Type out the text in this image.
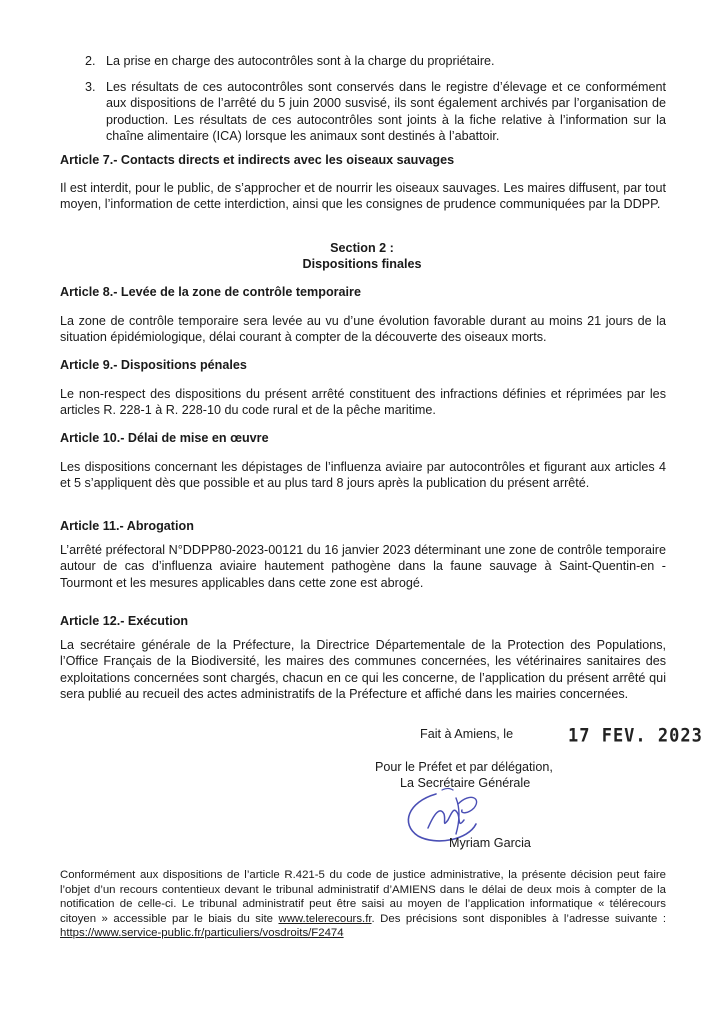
2. La prise en charge des autocontrôles sont à la charge du propriétaire.
3. Les résultats de ces autocontrôles sont conservés dans le registre d’élevage et ce conformément aux dispositions de l’arrêté du 5 juin 2000 susvisé, ils sont également archivés par l’organisation de production. Les résultats de ces autocontrôles sont joints à la fiche relative à l’information sur la chaîne alimentaire (ICA) lorsque les animaux sont destinés à l’abattoir.
Article 7.- Contacts directs et indirects avec les oiseaux sauvages
Il est interdit, pour le public, de s’approcher et de nourrir les oiseaux sauvages. Les maires diffusent, par tout moyen, l’information de cette interdiction, ainsi que les consignes de prudence communiquées par la DDPP.
Section 2 :
Dispositions finales
Article 8.- Levée de la zone de contrôle temporaire
La zone de contrôle temporaire sera levée au vu d’une évolution favorable durant au moins 21 jours de la situation épidémiologique, délai courant à compter de la découverte des oiseaux morts.
Article 9.- Dispositions pénales
Le non-respect des dispositions du présent arrêté constituent des infractions définies et réprimées par les articles R. 228-1 à R. 228-10 du code rural et de la pêche maritime.
Article 10.- Délai de mise en œuvre
Les dispositions concernant les dépistages de l’influenza aviaire par autocontrôles et figurant aux articles 4 et 5 s’appliquent dès que possible et au plus tard 8 jours après la publication du présent arrêté.
Article 11.- Abrogation
L’arrêté préfectoral N°DDPP80-2023-00121 du 16 janvier 2023 déterminant une zone de contrôle temporaire autour de cas d’influenza aviaire hautement pathogène dans la faune sauvage à Saint-Quentin-en -Tourmont et les mesures applicables dans cette zone est abrogé.
Article 12.- Exécution
La secrétaire générale de la Préfecture, la Directrice Départementale de la Protection des Populations, l’Office Français de la Biodiversité, les maires des communes concernées, les vétérinaires sanitaires des exploitations concernées sont chargés, chacun en ce qui les concerne, de l’application du présent arrêté qui sera publié au recueil des actes administratifs de la Préfecture et affiché dans les mairies concernées.
Fait à Amiens, le	17 FEV. 2023
Pour le Préfet et par délégation,
La Secrétaire Générale
Myriam Garcia
Conformément aux dispositions de l’article R.421-5 du code de justice administrative, la présente décision peut faire l’objet d’un recours contentieux devant le tribunal administratif d’AMIENS dans le délai de deux mois à compter de la notification de celle-ci. Le tribunal administratif peut être saisi au moyen de l’application informatique « télérecours citoyen » accessible par le biais du site www.telerecours.fr. Des précisions sont disponibles à l’adresse suivante : https://www.service-public.fr/particuliers/vosdroits/F2474
